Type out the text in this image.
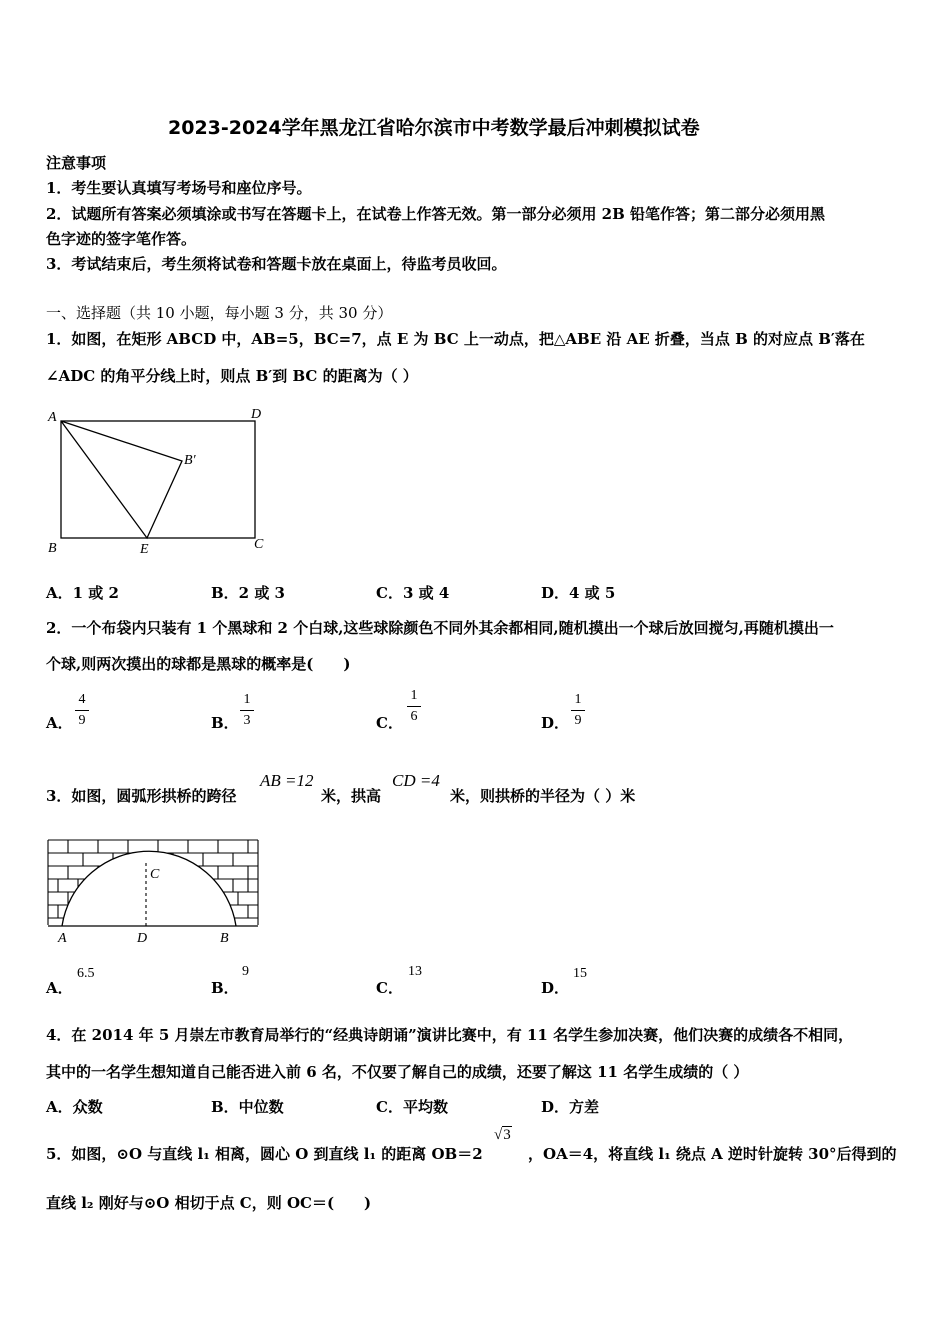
2023-2024学年黑龙江省哈尔滨市中考数学最后冲刺模拟试卷
注意事项
1．考生要认真填写考场号和座位序号。
2．试题所有答案必须填涂或书写在答题卡上，在试卷上作答无效。第一部分必须用 2B 铅笔作答；第二部分必须用黑
色字迹的签字笔作答。
3．考试结束后，考生须将试卷和答题卡放在桌面上，待监考员收回。
一、选择题（共 10 小题，每小题 3 分，共 30 分）
1．如图，在矩形 ABCD 中，AB=5，BC=7，点 E 为 BC 上一动点，把△ABE 沿 AE 折叠，当点 B 的对应点 B′落在
∠ADC 的角平分线上时，则点 B′到 BC 的距离为（ ）
A	D
B	C
E
B′
A．1 或 2	B．2 或 3	C．3 或 4	D．4 或 5
2．一个布袋内只装有 1 个黑球和 2 个白球,这些球除颜色不同外其余都相同,随机摸出一个球后放回搅匀,再随机摸出一
个球,则两次摸出的球都是黑球的概率是(　　)
A．
4
9	B．
1
3	C．
1
6	D．
1
9
3．如图，圆弧形拱桥的跨径
AB =12
米，拱高
CD =4
米，则拱桥的半径为（ ）米
A	D	B
C
A．
6.5
B．
9
C．
13
D．
15
4．在 2014 年 5 月崇左市教育局举行的“经典诗朗诵”演讲比赛中，有 11 名学生参加决赛，他们决赛的成绩各不相同，
其中的一名学生想知道自己能否进入前 6 名，不仅要了解自己的成绩，还要了解这 11 名学生成绩的（ ）
A．众数	B．中位数	C．平均数	D．方差
5．如图，⊙O 与直线 l₁ 相离，圆心 O 到直线 l₁ 的距离 OB＝2
√3
，OA＝4，将直线 l₁ 绕点 A 逆时针旋转 30°后得到的
直线 l₂ 刚好与⊙O 相切于点 C，则 OC＝(　　)
